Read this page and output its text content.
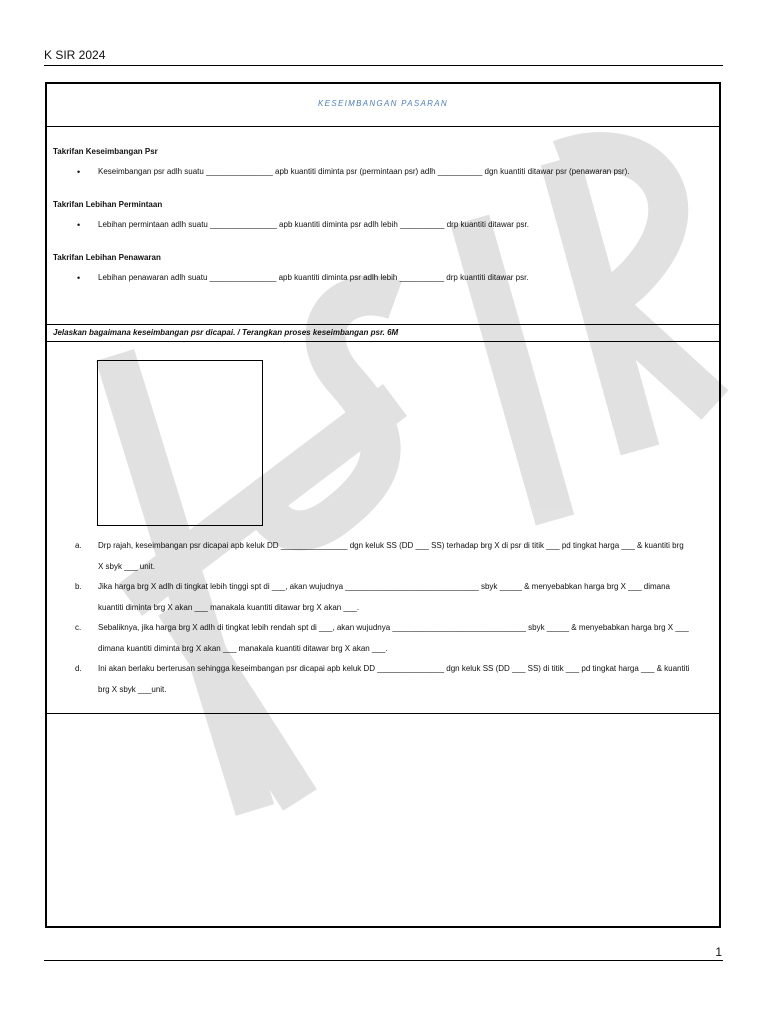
K SIR 2024
KESEIMBANGAN PASARAN
Takrifan Keseimbangan Psr
• Keseimbangan psr adlh suatu _______________ apb kuantiti diminta psr (permintaan psr) adlh __________ dgn kuantiti ditawar psr (penawaran psr).
Takrifan Lebihan Permintaan
• Lebihan permintaan adlh suatu _______________ apb kuantiti diminta psr adlh lebih __________ drp kuantiti ditawar psr.
Takrifan Lebihan Penawaran
• Lebihan penawaran adlh suatu _______________ apb kuantiti diminta psr adlh lebih __________ drp kuantiti ditawar psr.
Jelaskan bagaimana keseimbangan psr dicapai. / Terangkan proses keseimbangan psr. 6M
a. Drp rajah, keseimbangan psr dicapai apb keluk DD _______________ dgn keluk SS (DD ___ SS) terhadap brg X di psr di titik ___ pd tingkat harga ___ & kuantiti brg X sbyk ___ unit.
b. Jika harga brg X adlh di tingkat lebih tinggi spt di ___, akan wujudnya ______________________________ sbyk _____ & menyebabkan harga brg X ___ dimana kuantiti diminta brg X akan ___ manakala kuantiti ditawar brg X akan ___.
c. Sebaliknya, jika harga brg X adlh di tingkat lebih rendah spt di ___, akan wujudnya ______________________________ sbyk _____ & menyebabkan harga brg X ___ dimana kuantiti diminta brg X akan ___ manakala kuantiti ditawar brg X akan ___.
d. Ini akan berlaku berterusan sehingga keseimbangan psr dicapai apb keluk DD _______________ dgn keluk SS (DD ___ SS) di titik ___ pd tingkat harga ___ & kuantiti brg X sbyk ___unit.
1
